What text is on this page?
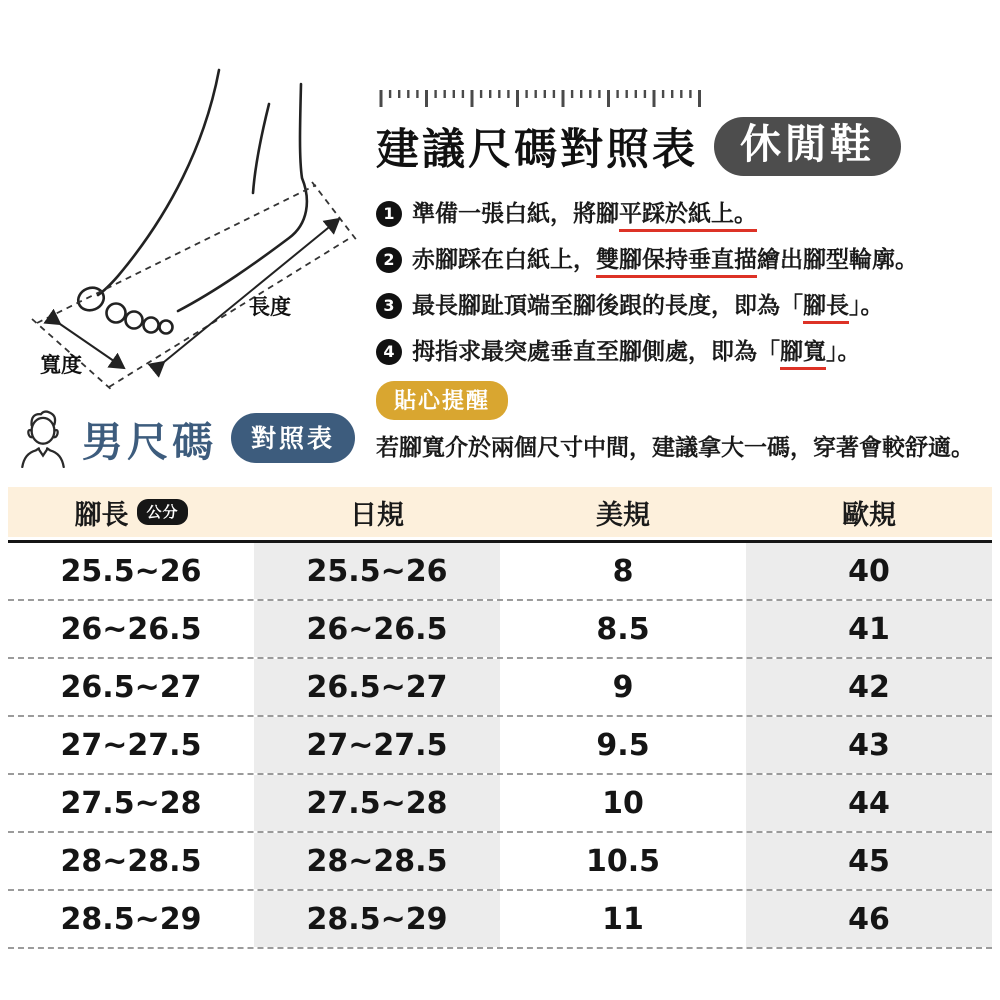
長度
寬度
建議尺碼對照表	休閒鞋
1 準備一張白紙，將腳平踩於紙上。
2 赤腳踩在白紙上，雙腳保持垂直描繪出腳型輪廓。
3 最長腳趾頂端至腳後跟的長度，即為「腳長」。
4 拇指求最突處垂直至腳側處，即為「腳寬」。
貼心提醒

若腳寬介於兩個尺寸中間，建議拿大一碼，穿著會較舒適。

男尺碼	對照表
腳長	公分	日規	美規	歐規
25.5~26	25.5~26	8	40
26~26.5	26~26.5	8.5	41
26.5~27	26.5~27	9	42
27~27.5	27~27.5	9.5	43
27.5~28	27.5~28	10	44
28~28.5	28~28.5	10.5	45
28.5~29	28.5~29	11	46
